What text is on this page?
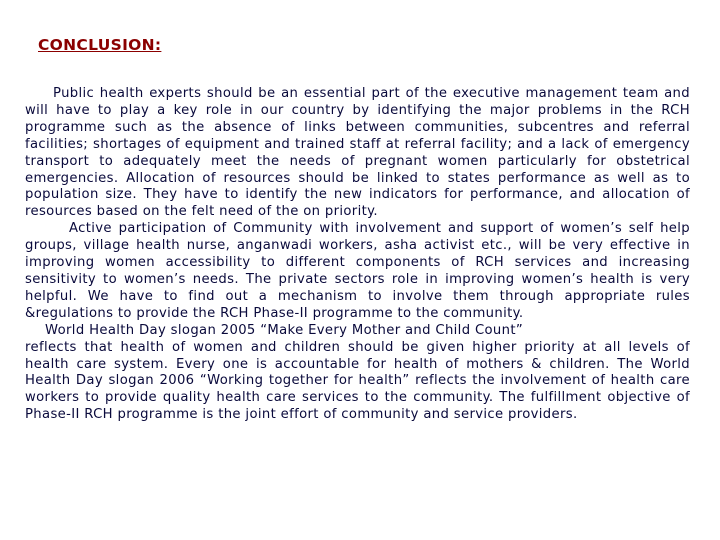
CONCLUSION:

Public health experts should be an essential part of the executive management team and will have to play a key role in our country by identifying the major problems in the RCH programme such as the absence of links between communities, subcentres and referral facilities; shortages of equipment and trained staff at referral facility; and a lack of emergency transport to adequately meet the needs of pregnant women particularly for obstetrical emergencies. Allocation of resources should be linked to states performance as well as to population size. They have to identify the new indicators for performance, and allocation of resources based on the felt need of the on priority.

Active participation of Community with involvement and support of women’s self help groups, village health nurse, anganwadi workers, asha activist etc., will be very effective in improving women accessibility to different components of RCH services and increasing sensitivity to women’s needs. The private sectors role in improving women’s health is very helpful. We have to find out a mechanism to involve them through appropriate rules &regulations to provide the RCH Phase-II programme to the community.

World Health Day slogan 2005 “Make Every Mother and Child Count”

reflects that health of women and children should be given higher priority at all levels of health care system. Every one is accountable for health of mothers & children. The World Health Day slogan 2006 “Working together for health” reflects the involvement of health care workers to provide quality health care services to the community. The fulfillment objective of Phase-II RCH programme is the joint effort of community and service providers.
